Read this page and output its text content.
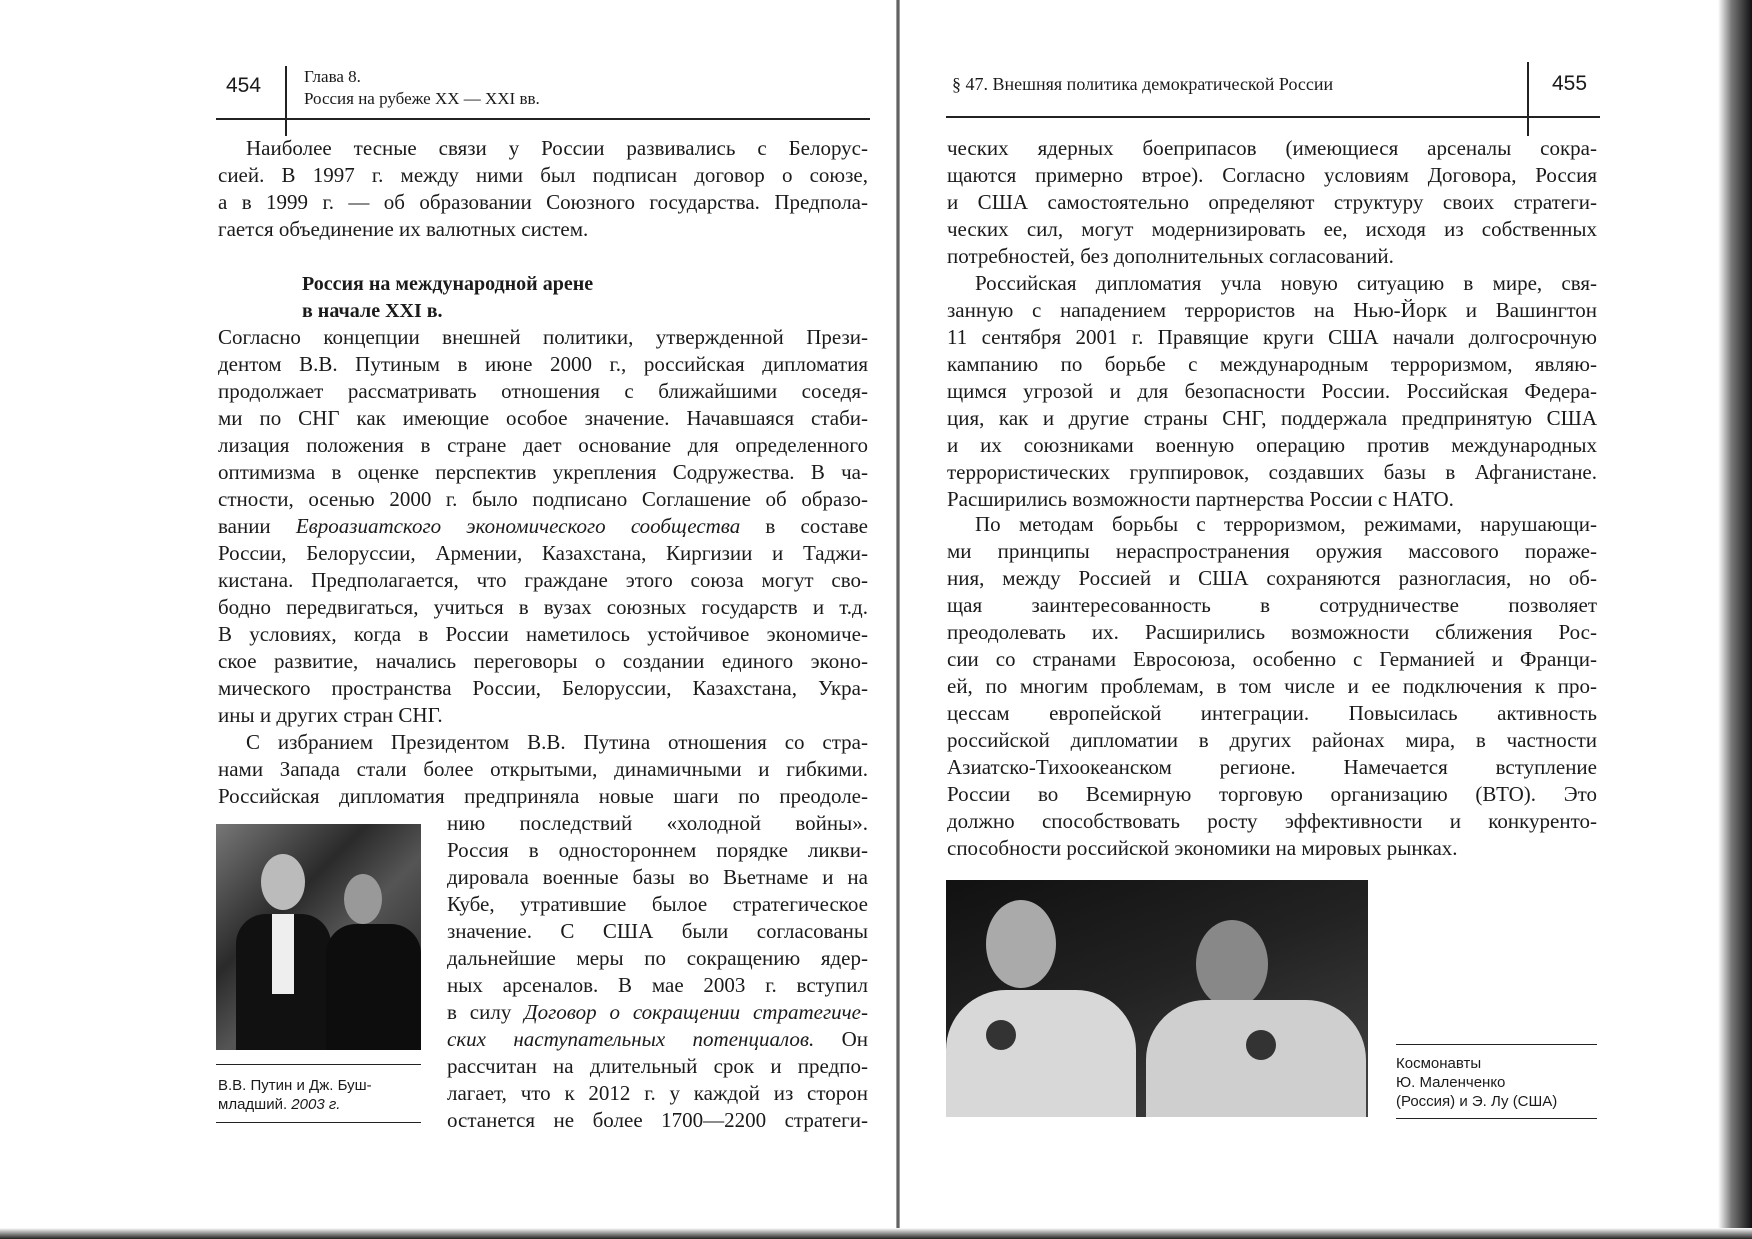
454	Глава 8.
Россия на рубеже XX — XXI вв.
Наиболее тесные связи у России развивались с Белорус-
сией. В 1997 г. между ними был подписан договор о союзе,
а в 1999 г. — об образовании Союзного государства. Предпола-
гается объединение их валютных систем.
Россия на международной арене
в начале XXI в.
Согласно концепции внешней политики, утвержденной Прези-
дентом В.В. Путиным в июне 2000 г., российская дипломатия
продолжает рассматривать отношения с ближайшими соседя-
ми по СНГ как имеющие особое значение. Начавшаяся стаби-
лизация положения в стране дает основание для определенного
оптимизма в оценке перспектив укрепления Содружества. В ча-
стности, осенью 2000 г. было подписано Соглашение об образо-
вании Евроазиатского экономического сообщества в составе
России, Белоруссии, Армении, Казахстана, Киргизии и Таджи-
кистана. Предполагается, что граждане этого союза могут сво-
бодно передвигаться, учиться в вузах союзных государств и т.д.
В условиях, когда в России наметилось устойчивое экономиче-
ское развитие, начались переговоры о создании единого эконо-
мического пространства России, Белоруссии, Казахстана, Укра-
ины и других стран СНГ.
С избранием Президентом В.В. Путина отношения со стра-
нами Запада стали более открытыми, динамичными и гибкими.
Российская дипломатия предприняла новые шаги по преодоле-
нию последствий «холодной войны».
Россия в одностороннем порядке ликви-
дировала военные базы во Вьетнаме и на
Кубе, утратившие былое стратегическое
значение. С США были согласованы
дальнейшие меры по сокращению ядер-
ных арсеналов. В мае 2003 г. вступил
в силу Договор о сокращении стратегиче-
ских наступательных потенциалов. Он
рассчитан на длительный срок и предпо-
лагает, что к 2012 г. у каждой из сторон
останется не более 1700—2200 стратеги-
В.В. Путин и Дж. Буш-
младший. 2003 г.
§ 47. Внешняя политика демократической России	455
ческих ядерных боеприпасов (имеющиеся арсеналы сокра-
щаются примерно втрое). Согласно условиям Договора, Россия
и США самостоятельно определяют структуру своих стратеги-
ческих сил, могут модернизировать ее, исходя из собственных
потребностей, без дополнительных согласований.
Российская дипломатия учла новую ситуацию в мире, свя-
занную с нападением террористов на Нью-Йорк и Вашингтон
11 сентября 2001 г. Правящие круги США начали долгосрочную
кампанию по борьбе с международным терроризмом, являю-
щимся угрозой и для безопасности России. Российская Федера-
ция, как и другие страны СНГ, поддержала предпринятую США
и их союзниками военную операцию против международных
террористических группировок, создавших базы в Афганистане.
Расширились возможности партнерства России с НАТО.
По методам борьбы с терроризмом, режимами, нарушающи-
ми принципы нераспространения оружия массового пораже-
ния, между Россией и США сохраняются разногласия, но об-
щая заинтересованность в сотрудничестве позволяет
преодолевать их. Расширились возможности сближения Рос-
сии со странами Евросоюза, особенно с Германией и Франци-
ей, по многим проблемам, в том числе и ее подключения к про-
цессам европейской интеграции. Повысилась активность
российской дипломатии в других районах мира, в частности
Азиатско-Тихоокеанском регионе. Намечается вступление
России во Всемирную торговую организацию (ВТО). Это
должно способствовать росту эффективности и конкуренто-
способности российской экономики на мировых рынках.
Космонавты
Ю. Маленченко
(Россия) и Э. Лу (США)
